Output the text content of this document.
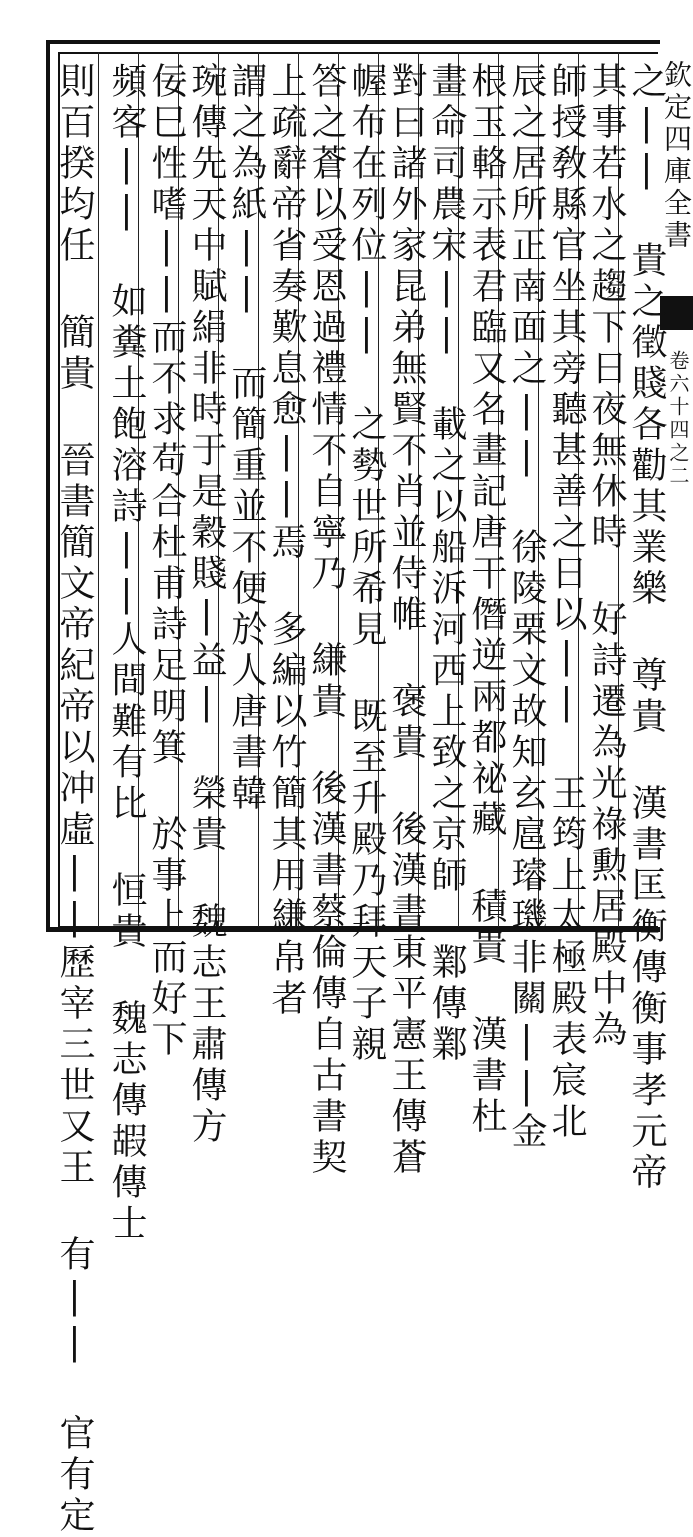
欽定四庫全書
卷六十四之二
之|| 貴之徵賤各勸其業樂 尊貴 漢書匡衡傳衡事孝元帝
其事若水之趨下日夜無休時 好詩遷為光祿勲居殿中為
師授敎縣官坐其旁聽甚善之日以|| 王筠上太極殿表宸北
辰之居所正南面之|| 徐陵栗文故知玄扈璿璣非關||金
根玉輅示表君臨又名畫記唐干僭逆兩都祕藏 積貴 漢書杜
畫命司農宋|| 載之以船泝河西上致之京師 鄴傳鄴
對曰諸外家昆弟無賢不肖並侍帷 褒貴 後漢書東平憲王傳蒼
幄布在列位|| 之勢世所希見 既至升殿乃拜天子親
答之蒼以受恩過禮情不自寧乃 縑貴 後漢書蔡倫傳自古書契
上疏辭帝省奏歎息愈||焉 多編以竹簡其用縑帛者
謂之為紙|| 而簡重並不便於人唐書韓
琬傳先天中賦絹非時于是穀賤|益| 榮貴 魏志王肅傳方
佞巳性嗜||而不求苟合杜甫詩足明箕 於事上而好下
頻客|| 如糞土飽溶詩||人間難有比 恒貴 魏志傳嘏傳士
則百揆均任 簡貴 晉書簡文帝紀帝以冲虛||歷宰三世又王 有|| 官有定
